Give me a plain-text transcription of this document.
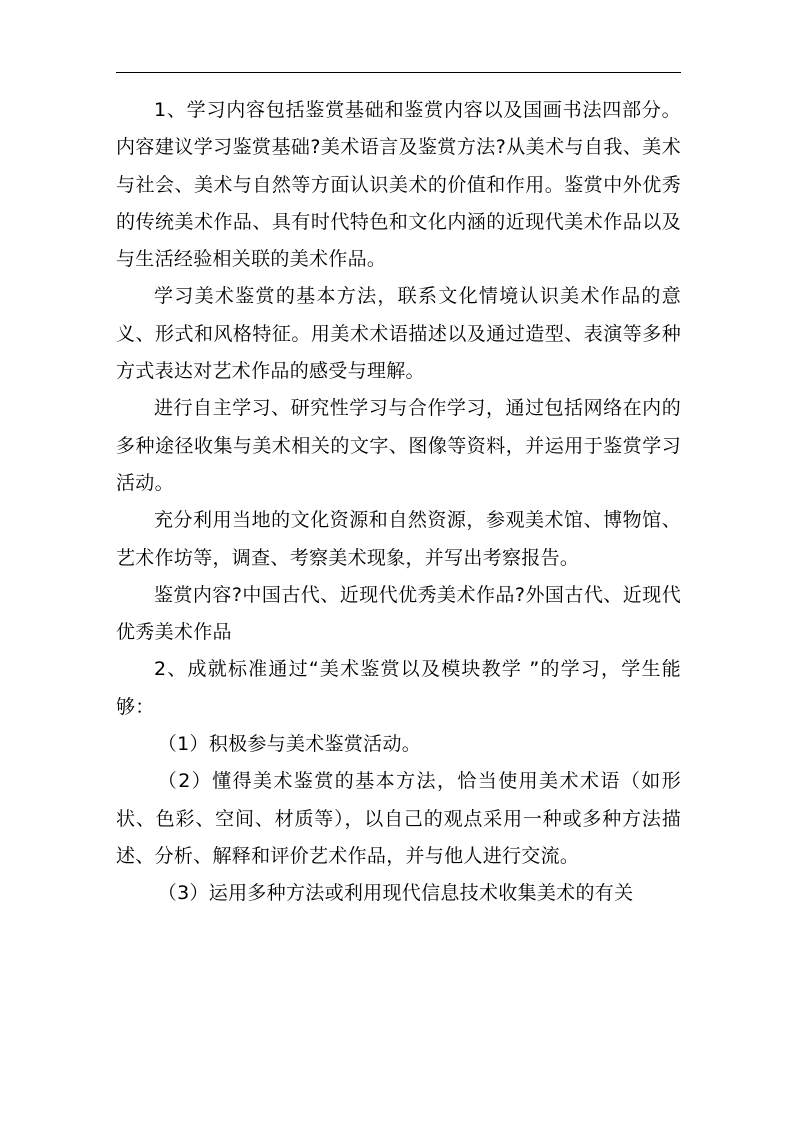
1、学习内容包括鉴赏基础和鉴赏内容以及国画书法四部分。内容建议学习鉴赏基础?美术语言及鉴赏方法?从美术与自我、美术与社会、美术与自然等方面认识美术的价值和作用。鉴赏中外优秀的传统美术作品、具有时代特色和文化内涵的近现代美术作品以及与生活经验相关联的美术作品。

学习美术鉴赏的基本方法，联系文化情境认识美术作品的意义、形式和风格特征。用美术术语描述以及通过造型、表演等多种方式表达对艺术作品的感受与理解。

进行自主学习、研究性学习与合作学习，通过包括网络在内的多种途径收集与美术相关的文字、图像等资料，并运用于鉴赏学习活动。

充分利用当地的文化资源和自然资源，参观美术馆、博物馆、艺术作坊等，调查、考察美术现象，并写出考察报告。

鉴赏内容?中国古代、近现代优秀美术作品?外国古代、近现代优秀美术作品

2、成就标准通过“美术鉴赏以及模块教学 ”的学习，学生能够：

（1）积极参与美术鉴赏活动。

（2）懂得美术鉴赏的基本方法，恰当使用美术术语（如形状、色彩、空间、材质等），以自己的观点采用一种或多种方法描述、分析、解释和评价艺术作品，并与他人进行交流。

（3）运用多种方法或利用现代信息技术收集美术的有关
